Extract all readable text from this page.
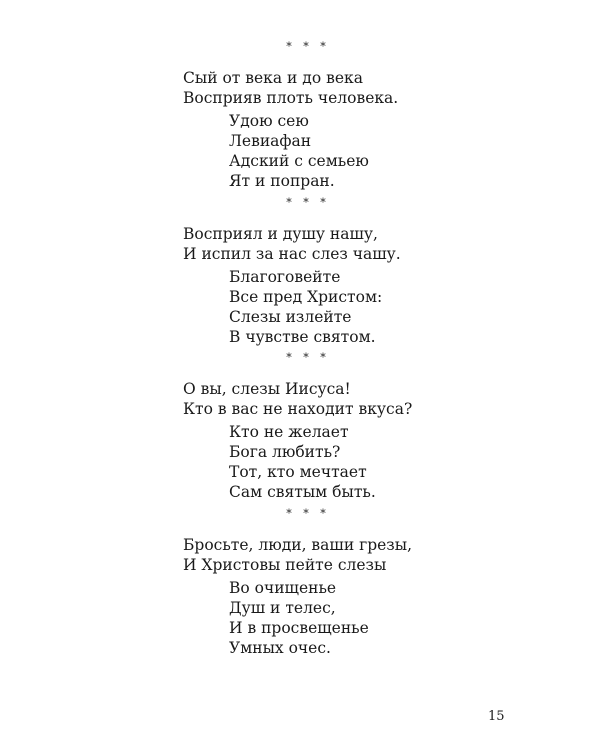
* * *
Сый от века и до века
Восприяв плоть человека.
Удою сею
Левиафан
Адский с семьею
Ят и попран.
* * *
Восприял и душу нашу,
И испил за нас слез чашу.
Благоговейте
Все пред Христом:
Слезы излейте
В чувстве святом.
* * *
О вы, слезы Иисуса!
Кто в вас не находит вкуса?
Кто не желает
Бога любить?
Тот, кто мечтает
Сам святым быть.
* * *
Бросьте, люди, ваши грезы,
И Христовы пейте слезы
Во очищенье
Душ и телес,
И в просвещенье
Умных очес.
15
